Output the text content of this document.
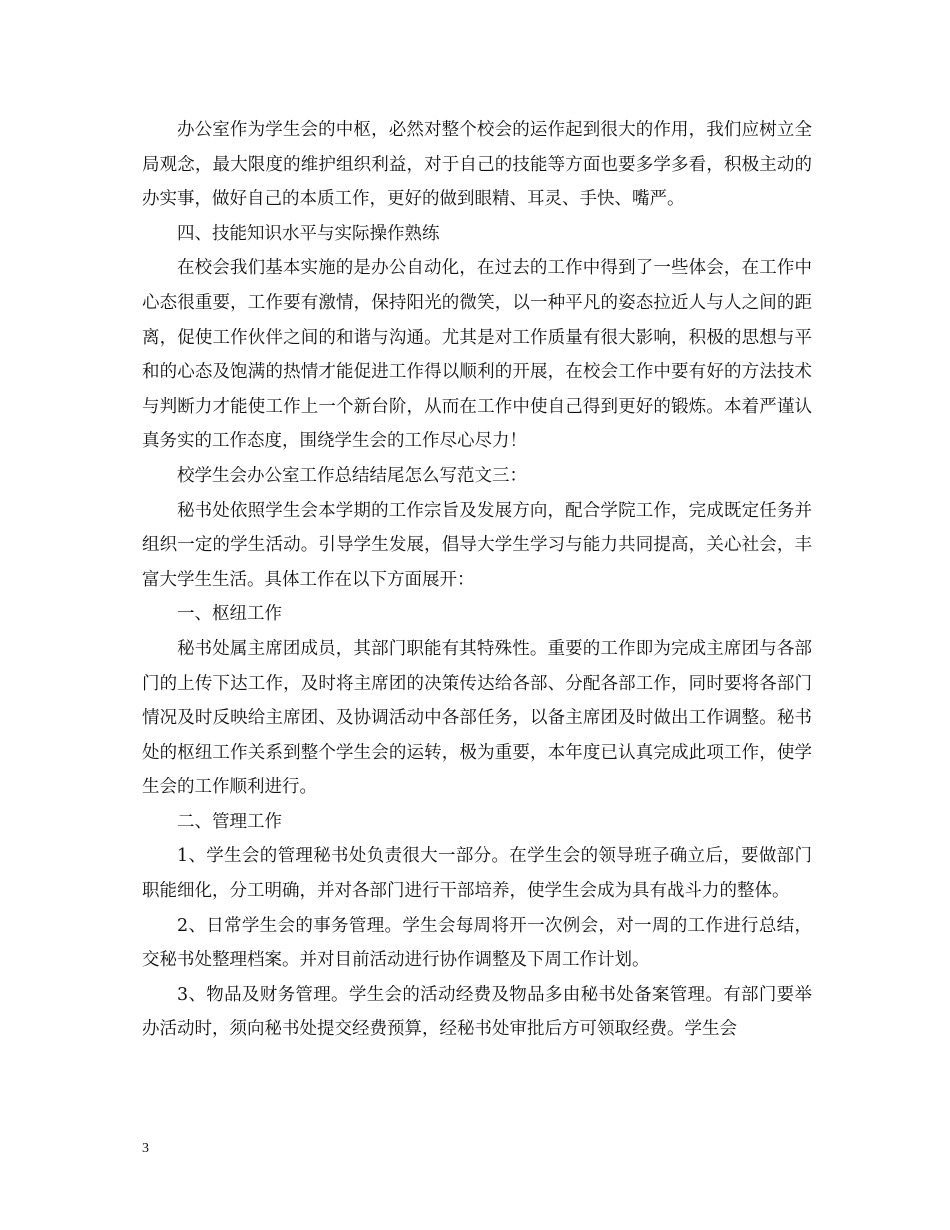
办公室作为学生会的中枢，必然对整个校会的运作起到很大的作用，我们应树立全局观念，最大限度的维护组织利益，对于自己的技能等方面也要多学多看，积极主动的办实事，做好自己的本质工作，更好的做到眼精、耳灵、手快、嘴严。

四、技能知识水平与实际操作熟练

在校会我们基本实施的是办公自动化，在过去的工作中得到了一些体会，在工作中心态很重要，工作要有激情，保持阳光的微笑，以一种平凡的姿态拉近人与人之间的距离，促使工作伙伴之间的和谐与沟通。尤其是对工作质量有很大影响，积极的思想与平和的心态及饱满的热情才能促进工作得以顺利的开展，在校会工作中要有好的方法技术与判断力才能使工作上一个新台阶，从而在工作中使自己得到更好的锻炼。本着严谨认真务实的工作态度，围绕学生会的工作尽心尽力！

校学生会办公室工作总结结尾怎么写范文三：

秘书处依照学生会本学期的工作宗旨及发展方向，配合学院工作，完成既定任务并组织一定的学生活动。引导学生发展，倡导大学生学习与能力共同提高，关心社会，丰富大学生生活。具体工作在以下方面展开：

一、枢纽工作

秘书处属主席团成员，其部门职能有其特殊性。重要的工作即为完成主席团与各部门的上传下达工作，及时将主席团的决策传达给各部、分配各部工作，同时要将各部门情况及时反映给主席团、及协调活动中各部任务，以备主席团及时做出工作调整。秘书处的枢纽工作关系到整个学生会的运转，极为重要，本年度已认真完成此项工作，使学生会的工作顺利进行。

二、管理工作

1、学生会的管理秘书处负责很大一部分。在学生会的领导班子确立后，要做部门职能细化，分工明确，并对各部门进行干部培养，使学生会成为具有战斗力的整体。

2、日常学生会的事务管理。学生会每周将开一次例会，对一周的工作进行总结，交秘书处整理档案。并对目前活动进行协作调整及下周工作计划。

3、物品及财务管理。学生会的活动经费及物品多由秘书处备案管理。有部门要举办活动时，须向秘书处提交经费预算，经秘书处审批后方可领取经费。学生会

3
